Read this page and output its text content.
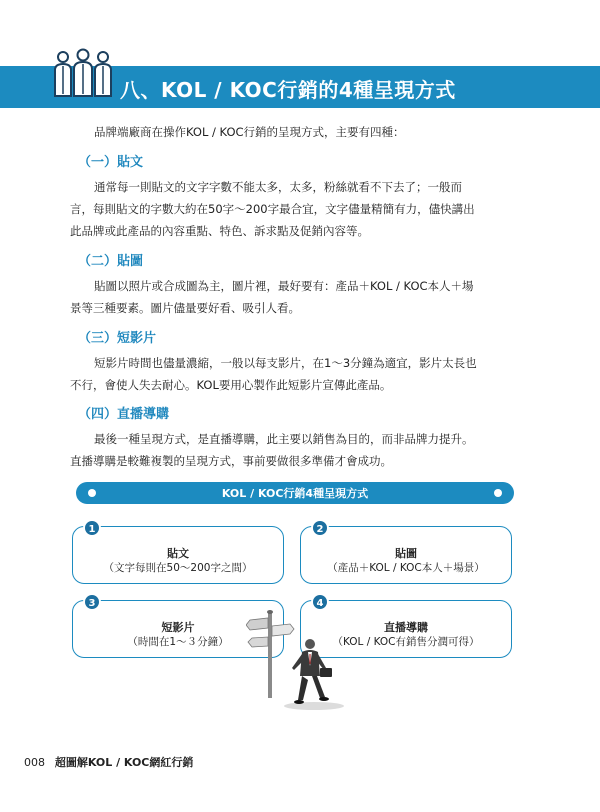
八、KOL / KOC行銷的4種呈現方式
品牌端廠商在操作KOL / KOC行銷的呈現方式，主要有四種：
（一）貼文
通常每一則貼文的文字字數不能太多，太多，粉絲就看不下去了；一般而
言，每則貼文的字數大約在50字～200字最合宜，文字儘量精簡有力，儘快講出
此品牌或此產品的內容重點、特色、訴求點及促銷內容等。
（二）貼圖
貼圖以照片或合成圖為主，圖片裡，最好要有：產品＋KOL / KOC本人＋場
景等三種要素。圖片儘量要好看、吸引人看。
（三）短影片
短影片時間也儘量濃縮，一般以每支影片，在1～3分鐘為適宜，影片太長也
不行，會使人失去耐心。KOL要用心製作此短影片宣傳此產品。
（四）直播導購
最後一種呈現方式，是直播導購，此主要以銷售為目的，而非品牌力提升。
直播導購是較難複製的呈現方式，事前要做很多準備才會成功。
KOL / KOC行銷4種呈現方式
1
貼文
（文字每則在50～200字之間）
2
貼圖
（產品＋KOL / KOC本人＋場景）
3
短影片
（時間在1～３分鐘）
4
直播導購
（KOL / KOC有銷售分潤可得）
008 超圖解KOL / KOC網紅行銷
